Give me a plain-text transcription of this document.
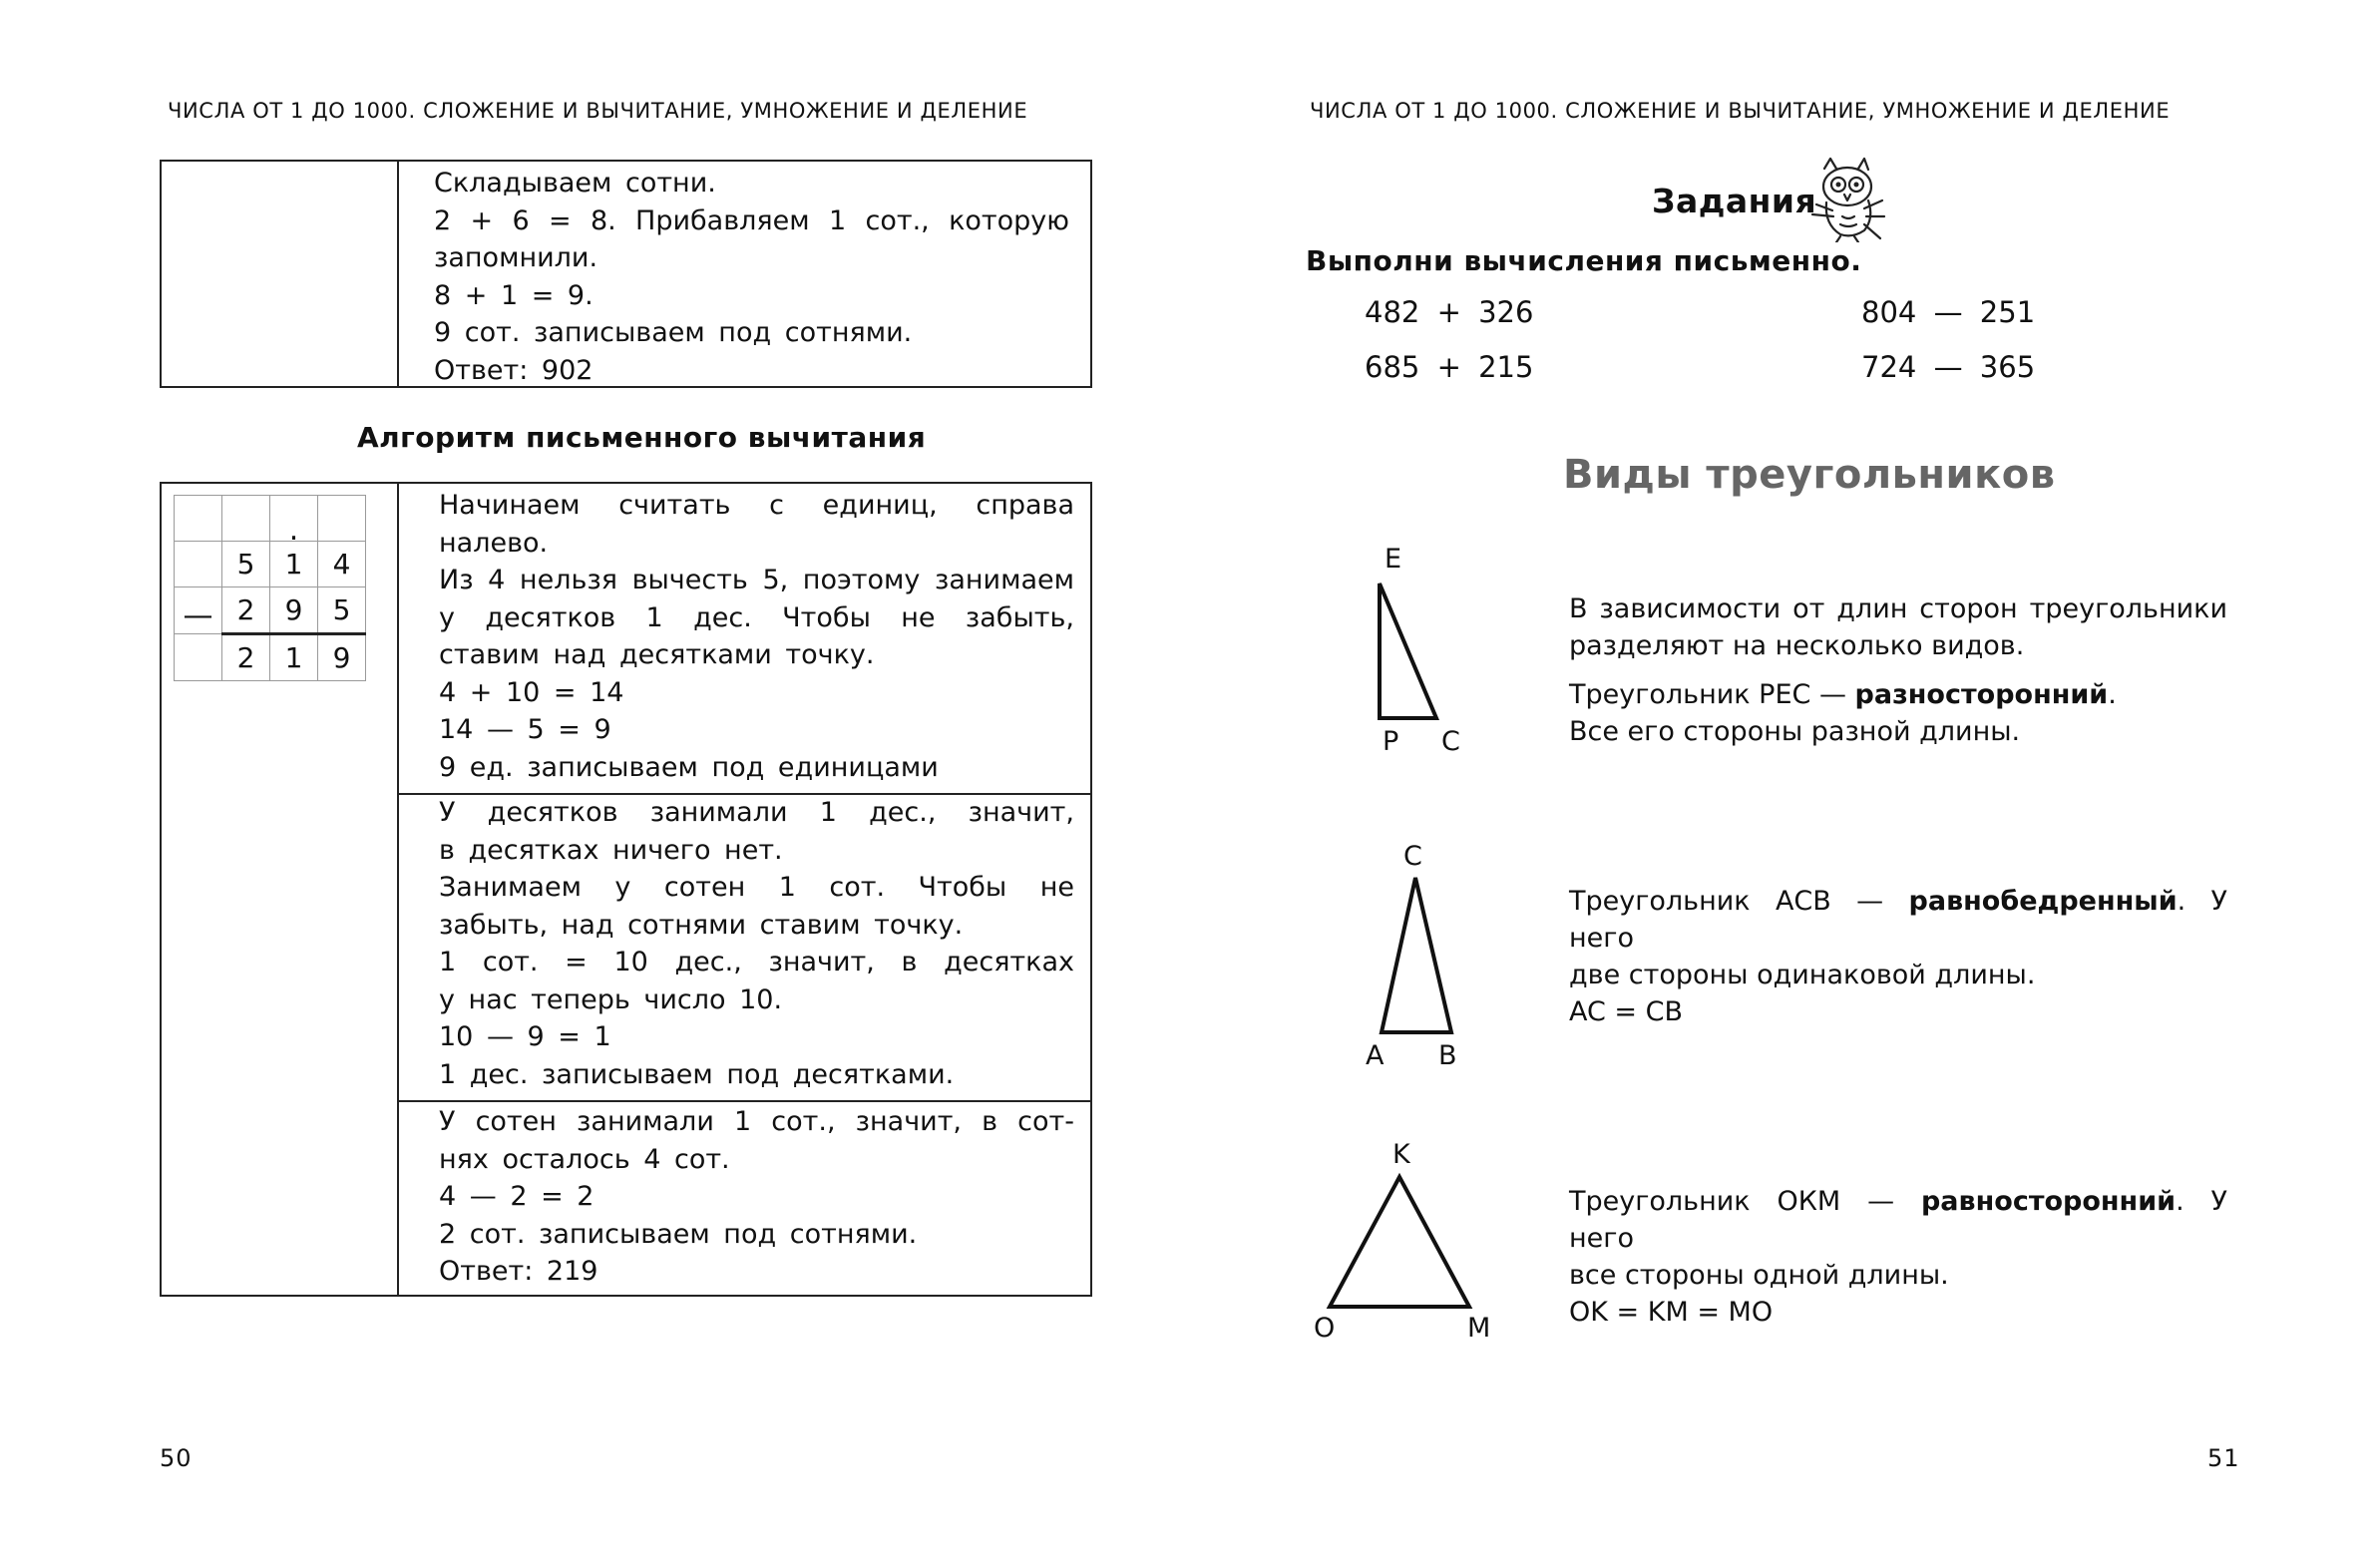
ЧИСЛА ОТ 1 ДО 1000. СЛОЖЕНИЕ И ВЫЧИТАНИЕ, УМНОЖЕНИЕ И ДЕЛЕНИЕ
Складываем сотни.
2 + 6 = 8. Прибавляем 1 сот., которую
запомнили.
8 + 1 = 9.
9 сот. записываем под сотнями.
Ответ: 902
Алгоритм письменного вычитания
		.	
	5	1	4
—	2	9	5
	2	1	9
Начинаем считать с единиц, справа
налево.
Из 4 нельзя вычесть 5, поэтому занимаем
у десятков 1 дес. Чтобы не забыть,
ставим над десятками точку.
4 + 10 = 14
14 — 5 = 9
9 ед. записываем под единицами
У десятков занимали 1 дес., значит,
в десятках ничего нет.
Занимаем у сотен 1 сот. Чтобы не
забыть, над сотнями ставим точку.
1 сот. = 10 дес., значит, в десятках
у нас теперь число 10.
10 — 9 = 1
1 дес. записываем под десятками.
У сотен занимали 1 сот., значит, в сот-
нях осталось 4 сот.
4 — 2 = 2
2 сот. записываем под сотнями.
Ответ: 219
50
ЧИСЛА ОТ 1 ДО 1000. СЛОЖЕНИЕ И ВЫЧИТАНИЕ, УМНОЖЕНИЕ И ДЕЛЕНИЕ
Задания
Выполни вычисления письменно.
482 + 326	804 — 251
685 + 215	724 — 365
Виды треугольников
E
P C
C
A B
K
O	M
В зависимости от длин сторон треугольники
разделяют на несколько видов.
Треугольник PEC — разносторонний.
Все его стороны разной длины.
Треугольник АСВ — равнобедренный. У него
две стороны одинаковой длины.
AC = CB
Треугольник ОКМ — равносторонний. У него
все стороны одной длины.
OK = KM = MO
51
